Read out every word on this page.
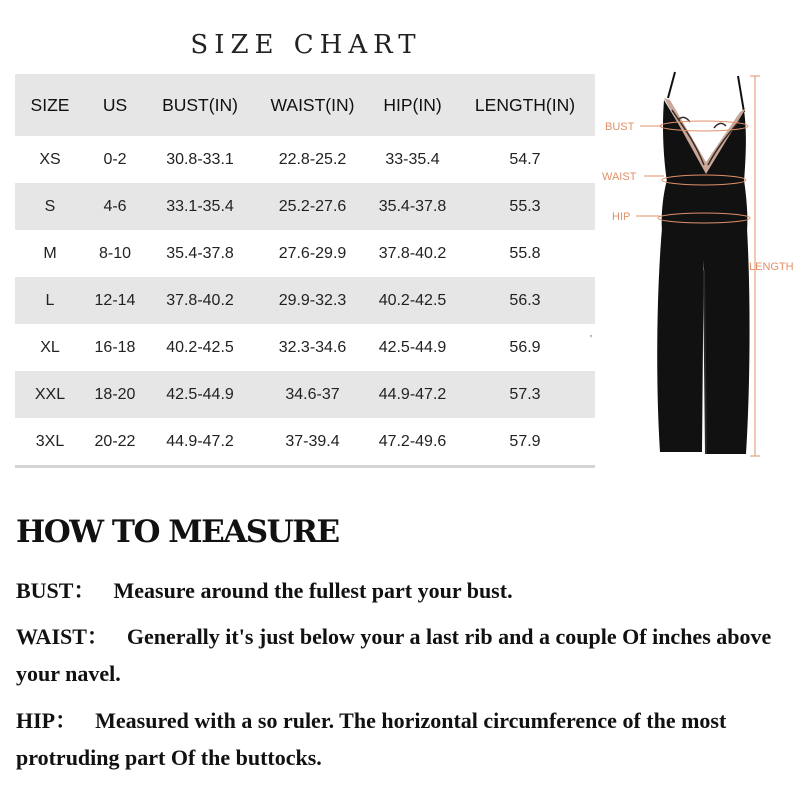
SIZE CHART
SIZE	US	BUST(IN)	WAIST(IN)	HIP(IN)	LENGTH(IN)
XS	0-2	30.8-33.1	22.8-25.2	33-35.4	54.7
S	4-6	33.1-35.4	25.2-27.6	35.4-37.8	55.3
M	8-10	35.4-37.8	27.6-29.9	37.8-40.2	55.8
L	12-14	37.8-40.2	29.9-32.3	40.2-42.5	56.3
XL	16-18	40.2-42.5	32.3-34.6	42.5-44.9	56.9
XXL	18-20	42.5-44.9	34.6-37	44.9-47.2	57.3
3XL	20-22	44.9-47.2	37-39.4	47.2-49.6	57.9
'
BUST
WAIST
HIP
LENGTH
HOW TO MEASURE

BUST： Measure around the fullest part your bust.

WAIST： Generally it's just below your a last rib and a couple Of inches above your navel.

HIP： Measured with a so ruler. The horizontal circumference of the most protruding part Of the buttocks.
